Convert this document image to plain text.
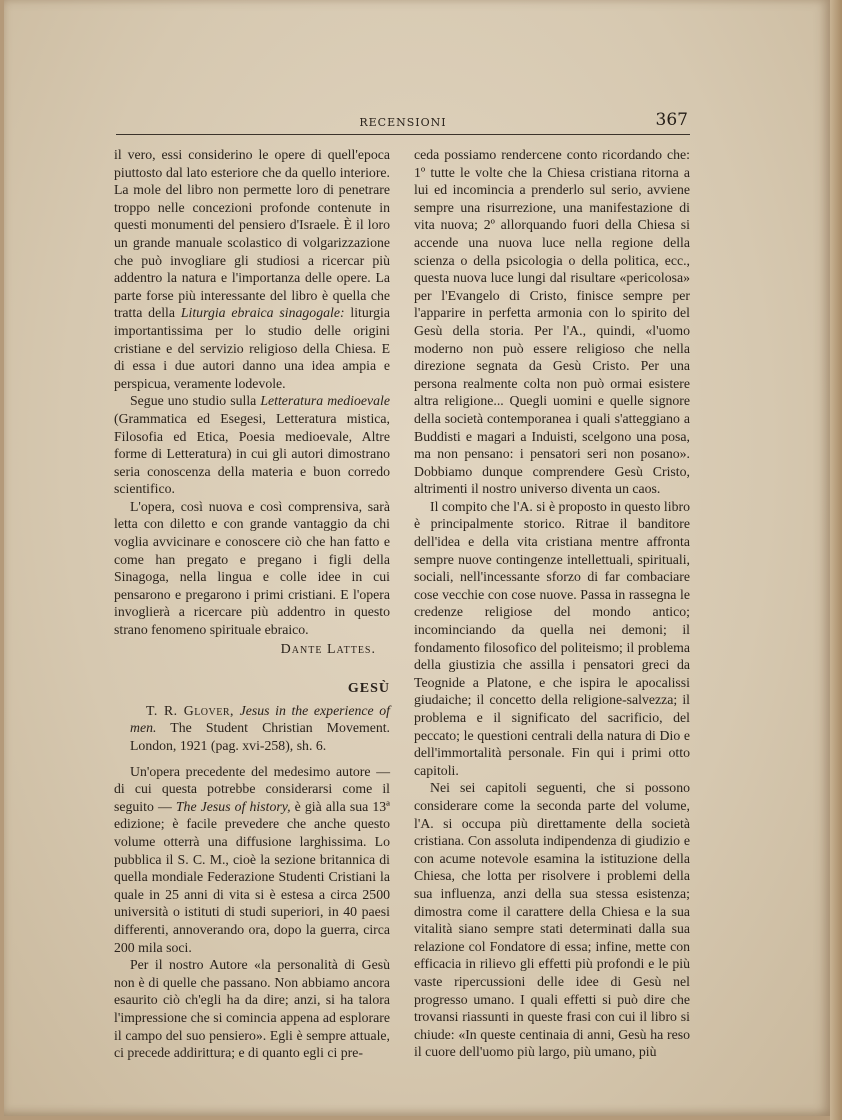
RECENSIONI	367

il vero, essi considerino le opere di quell'epoca piuttosto dal lato esteriore che da quello interiore. La mole del libro non permette loro di penetrare troppo nelle concezioni profonde contenute in questi monumenti del pensiero d'Israele. È il loro un grande manuale scolastico di volgarizzazione che può invogliare gli studiosi a ricercar più addentro la natura e l'importanza delle opere. La parte forse più interessante del libro è quella che tratta della Liturgia ebraica sinagogale: liturgia importantissima per lo studio delle origini cristiane e del servizio religioso della Chiesa. E di essa i due autori danno una idea ampia e perspicua, veramente lodevole.

Segue uno studio sulla Letteratura medioevale (Grammatica ed Esegesi, Letteratura mistica, Filosofia ed Etica, Poesia medioevale, Altre forme di Letteratura) in cui gli autori dimostrano seria conoscenza della materia e buon corredo scientifico.

L'opera, così nuova e così comprensiva, sarà letta con diletto e con grande vantaggio da chi voglia avvicinare e conoscere ciò che han fatto e come han pregato e pregano i figli della Sinagoga, nella lingua e colle idee in cui pensarono e pregarono i primi cristiani. E l'opera invoglierà a ricercare più addentro in questo strano fenomeno spirituale ebraico.

Dante Lattes.
GESÙ

T. R. Glover, Jesus in the experience of men. The Student Christian Movement. London, 1921 (pag. xvi-258), sh. 6.

Un'opera precedente del medesimo autore — di cui questa potrebbe considerarsi come il seguito — The Jesus of history, è già alla sua 13ª edizione; è facile prevedere che anche questo volume otterrà una diffusione larghissima. Lo pubblica il S. C. M., cioè la sezione britannica di quella mondiale Federazione Studenti Cristiani la quale in 25 anni di vita si è estesa a circa 2500 università o istituti di studi superiori, in 40 paesi differenti, annoverando ora, dopo la guerra, circa 200 mila soci.

Per il nostro Autore «la personalità di Gesù non è di quelle che passano. Non abbiamo ancora esaurito ciò ch'egli ha da dire; anzi, si ha talora l'impressione che si comincia appena ad esplorare il campo del suo pensiero». Egli è sempre attuale, ci precede addirittura; e di quanto egli ci pre-

ceda possiamo rendercene conto ricordando che: 1º tutte le volte che la Chiesa cristiana ritorna a lui ed incomincia a prenderlo sul serio, avviene sempre una risurrezione, una manifestazione di vita nuova; 2º allorquando fuori della Chiesa si accende una nuova luce nella regione della scienza o della psicologia o della politica, ecc., questa nuova luce lungi dal risultare «pericolosa» per l'Evangelo di Cristo, finisce sempre per l'apparire in perfetta armonia con lo spirito del Gesù della storia. Per l'A., quindi, «l'uomo moderno non può essere religioso che nella direzione segnata da Gesù Cristo. Per una persona realmente colta non può ormai esistere altra religione... Quegli uomini e quelle signore della società contemporanea i quali s'atteggiano a Buddisti e magari a Induisti, scelgono una posa, ma non pensano: i pensatori seri non posano». Dobbiamo dunque comprendere Gesù Cristo, altrimenti il nostro universo diventa un caos.

Il compito che l'A. si è proposto in questo libro è principalmente storico. Ritrae il banditore dell'idea e della vita cristiana mentre affronta sempre nuove contingenze intellettuali, spirituali, sociali, nell'incessante sforzo di far combaciare cose vecchie con cose nuove. Passa in rassegna le credenze religiose del mondo antico; incominciando da quella nei demoni; il fondamento filosofico del politeismo; il problema della giustizia che assilla i pensatori greci da Teognide a Platone, e che ispira le apocalissi giudaiche; il concetto della religione-salvezza; il problema e il significato del sacrificio, del peccato; le questioni centrali della natura di Dio e dell'immortalità personale. Fin qui i primi otto capitoli.

Nei sei capitoli seguenti, che si possono considerare come la seconda parte del volume, l'A. si occupa più direttamente della società cristiana. Con assoluta indipendenza di giudizio e con acume notevole esamina la istituzione della Chiesa, che lotta per risolvere i problemi della sua influenza, anzi della sua stessa esistenza; dimostra come il carattere della Chiesa e la sua vitalità siano sempre stati determinati dalla sua relazione col Fondatore di essa; infine, mette con efficacia in rilievo gli effetti più profondi e le più vaste ripercussioni delle idee di Gesù nel progresso umano. I quali effetti si può dire che trovansi riassunti in queste frasi con cui il libro si chiude: «In queste centinaia di anni, Gesù ha reso il cuore dell'uomo più largo, più umano, più
